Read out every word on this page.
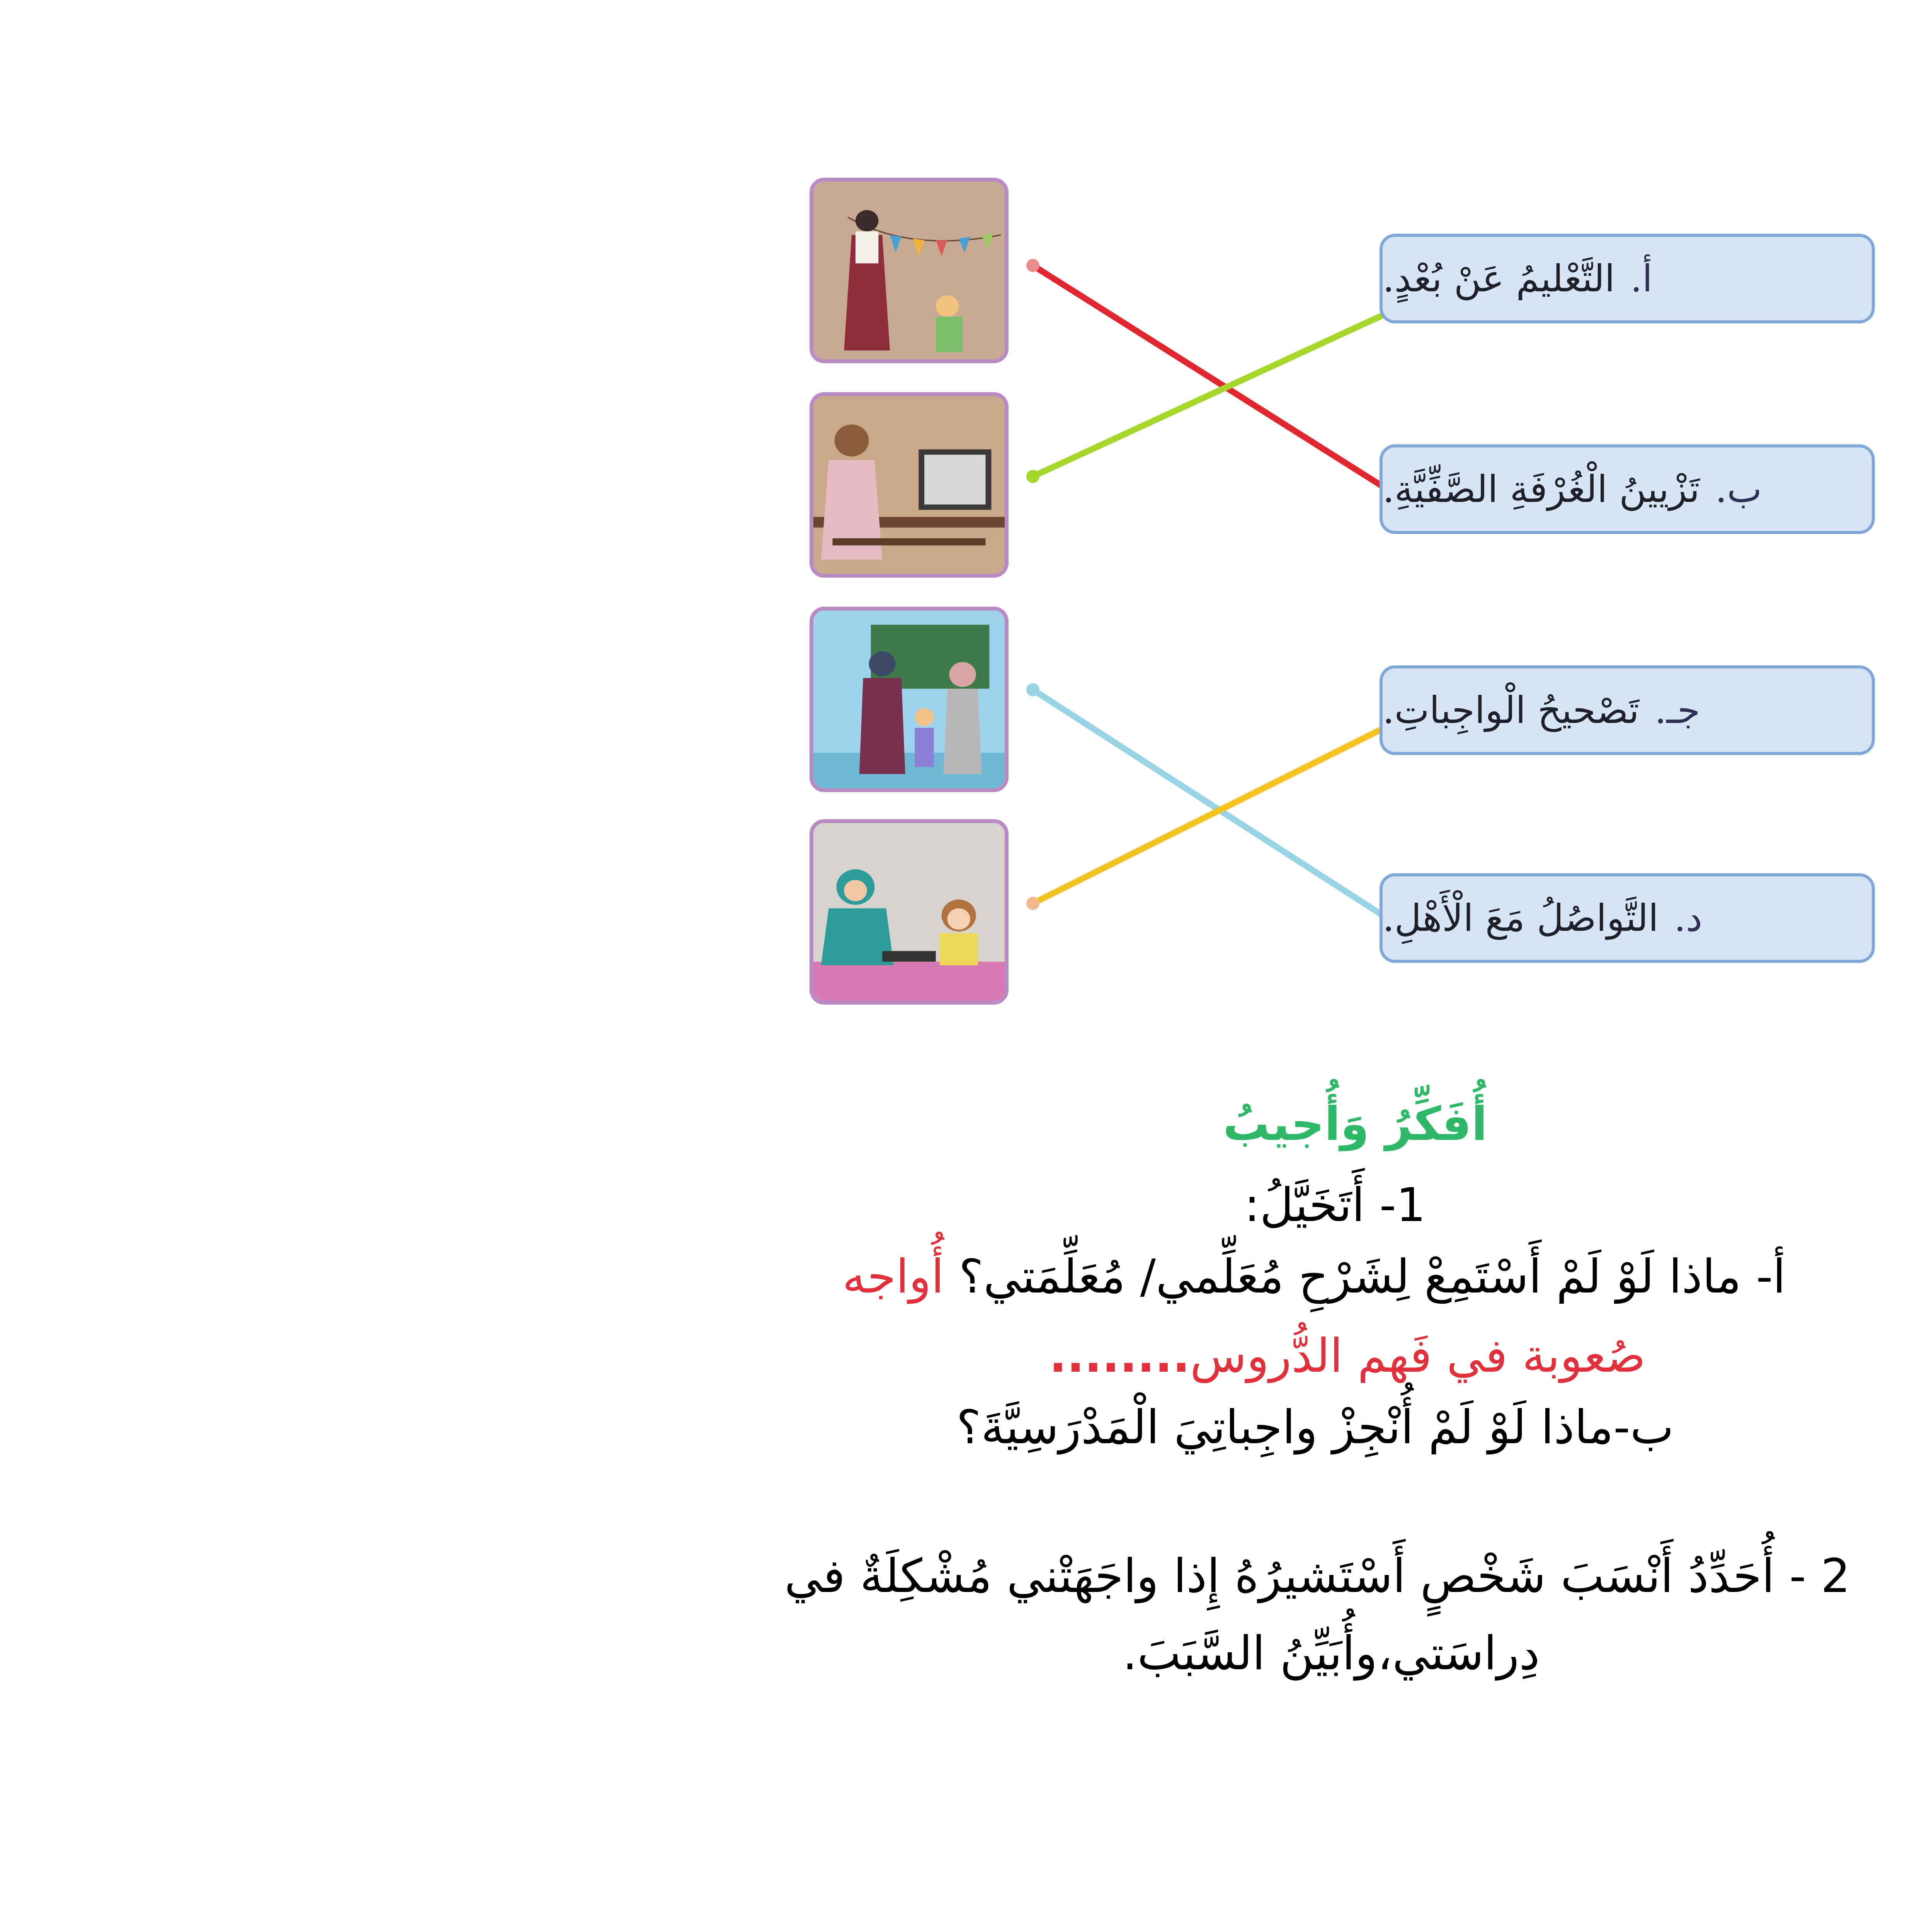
أ.
التَّعْليمُ عَنْ بُعْدٍ.
ب.
تَزْيينُ الْغُرْفَةِ الصَّفِّيَّةِ.
جـ.
تَصْحيحُ الْواجِباتِ.
د.
التَّواصُلُ مَعَ الْأَهْلِ.
أُفَكِّرُ وَأُجيبُ
1- أَتَخَيَّلُ:
أ- ماذا لَوْ لَمْ أَسْتَمِعْ لِشَرْحِ مُعَلِّمي/ مُعَلِّمَتي؟ أُواجه
صُعوبة في فَهم الدُّروس........
ب-ماذا لَوْ لَمْ أُنْجِزْ واجِباتِيَ الْمَدْرَسِيَّةَ؟
2 - أُحَدِّدُ أَنْسَبَ شَخْصٍ أَسْتَشيرُهُ إِذا واجَهَتْني مُشْكِلَةٌ في
دِراسَتي،وأُبَيِّنُ السَّبَبَ.
